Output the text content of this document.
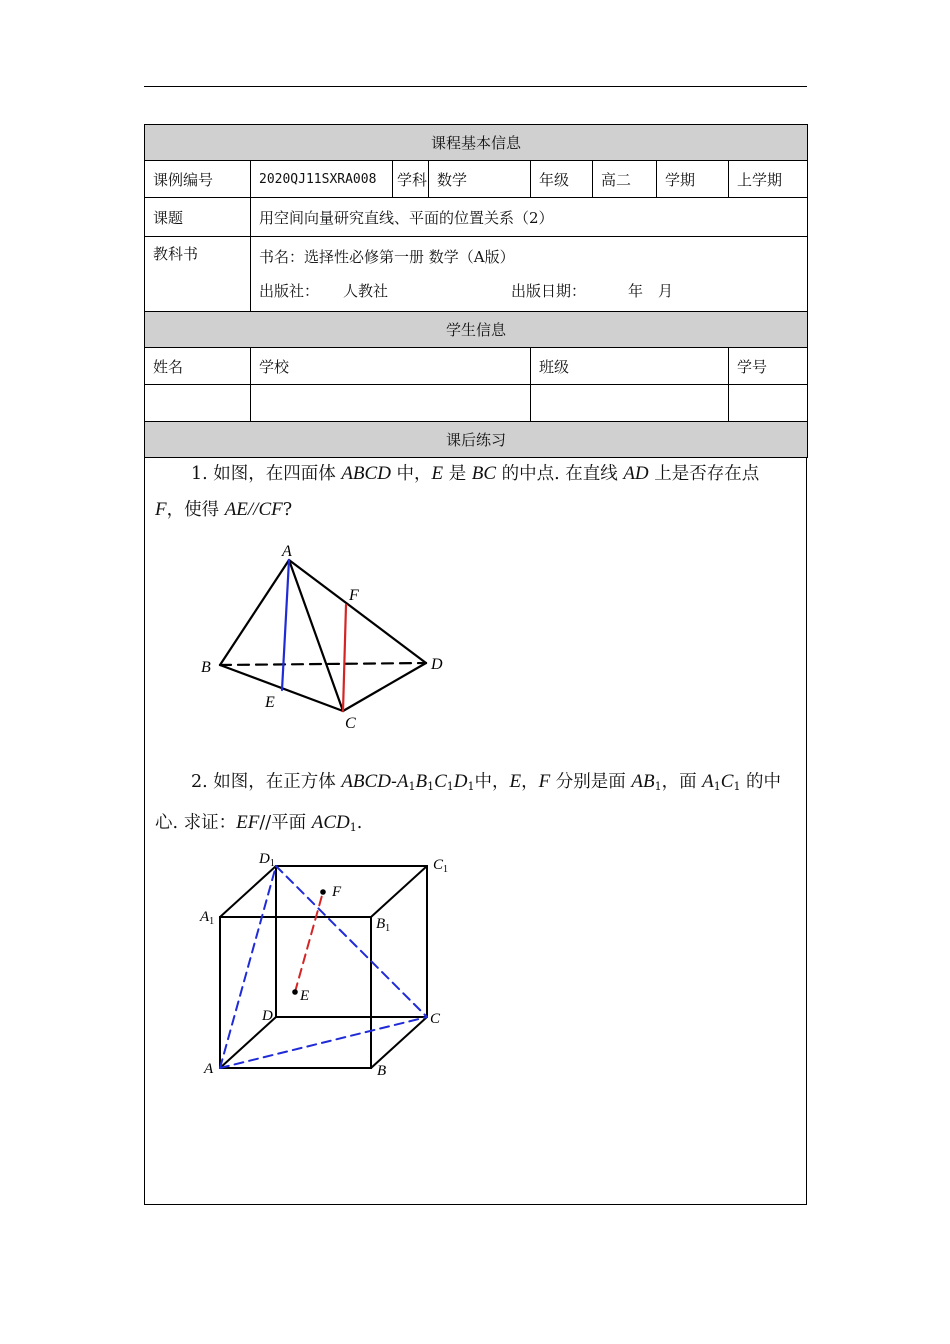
课程基本信息							
课例编号	2020QJ11SXRA008	学科	数学	年级	高二	学期	上学期
课题	用空间向量研究直线、平面的位置关系（2）						
教科书	书名：选择性必修第一册 数学（A版）
出版社： 人教社 出版日期： 年 月						

学生信息							
姓名	学校			班级			学号

课后练习							
1. 如图，在四面体 ABCD 中，E 是 BC 的中点. 在直线 AD 上是否存在点
F，使得 AE//CF?
A
B
C
D
E
F
2. 如图，在正方体 ABCD-$A_1B_1C_1D_1$中，E，F 分别是面 $AB_1$，面 $A_1C_1$ 的中
心. 求证：EF//平面 $ACD_1$.
$D_1$	$C_1$
$A_1$	$B_1$
D	C
A	B
F
E
